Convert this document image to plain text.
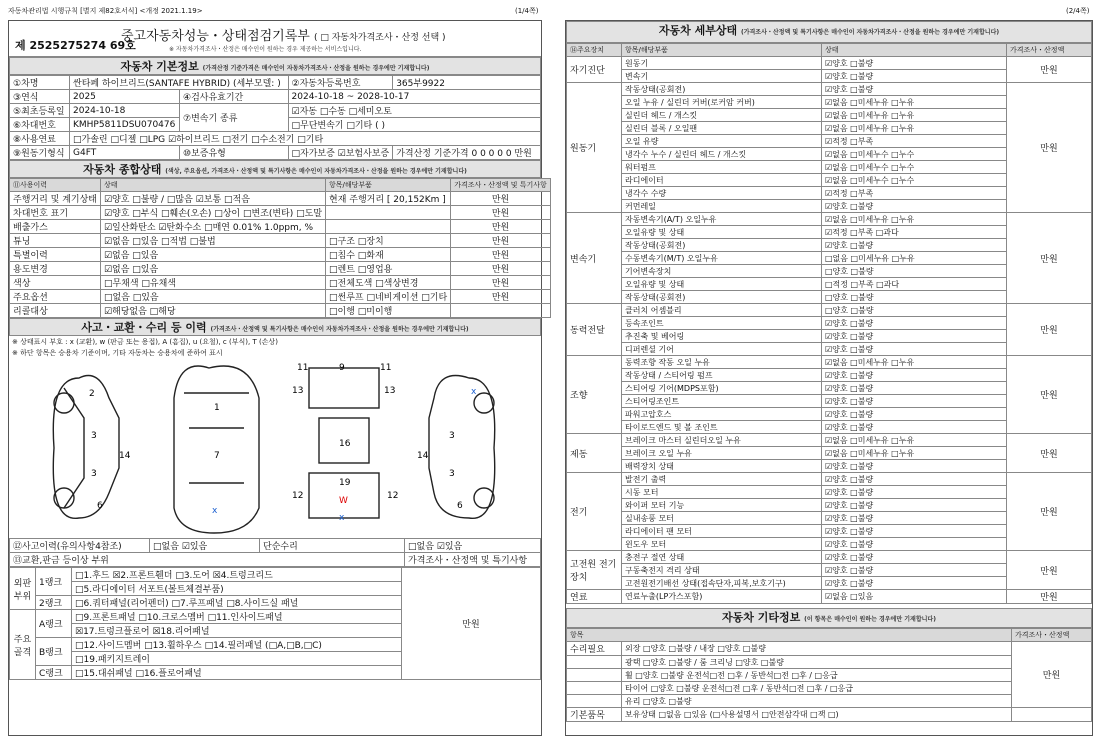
자동차관리법 시행규칙 [별지 제82호서식] <개정 2021.1.19>	(1/4쪽)	(2/4쪽)
제 2525275274 69호
중고자동차성능・상태점검기록부 ( □ 자동차가격조사・산정 선택 )
※ 자동차가격조사・산정은 매수인이 원하는 경우 제공하는 서비스입니다.
자동차 기본정보 (가격산정 기준가격은 매수인이 자동차가격조사・산정을 원하는 경우에만 기재합니다)
①차명	싼타페 하이브리드(SANTAFE HYBRID) (세부모델: )		②자동차등록번호	365부9922
③연식	2025	④검사유효기간	2024-10-18 ~ 2028-10-17	
⑤최초등록일	2024-10-18	⑦변속기 종류	☑자동 □수동 □세미오토	
⑥차대번호	KMHP5811DSU070476		□무단변속기 □기타 ( )	
⑧사용연료	□가솔린 □디젤 □LPG ☑하이브리드 □전기 □수소전기 □기타			
⑨원동기형식	G4FT	⑩보증유형	□자가보증 ☑보험사보증	가격산정 기준가격 0 0 0 0 0 만원
자동차 종합상태 (색상, 주요옵션, 가격조사・산정액 및 특기사항은 매수인이 자동차가격조사・산정을 원하는 경우에만 기재합니다)
⑪사용이력	상태	항목/해당부품	가격조사・산정액 및 특기사항
주행거리 및 계기상태	☑양호 □불량 / □많음 ☑보통 □적음	현재 주행거리 [ 20,152Km ]	만원
차대번호 표기	☑양호 □부식 □훼손(오손) □상이 □변조(변타) □도말		만원
배출가스	☑일산화탄소 ☑탄화수소 □매연 0.01% 1.0ppm, %		만원
튜닝	☑없음 □있음 □적법 □불법	□구조 □장치	만원
특별이력	☑없음 □있음	□침수 □화재	만원
용도변경	☑없음 □있음	□렌트 □영업용	만원
색상	□무채색 □유채색	□전체도색 □색상변경	만원
주요옵션	□없음 □있음	□썬루프 □네비게이션 □기타	만원
리콜대상	☑해당없음 □해당	□이행 □미이행	
사고・교환・수리 등 이력 (가격조사・산정액 및 특기사항은 매수인이 자동차가격조사・산정을 원하는 경우에만 기재합니다)
※ 상태표시 부호 : x (교환), w (판금 또는 용접), A (흠집), u (요철), c (부식), T (손상)
※ 하단 항목은 승용차 기준이며, 기타 자동차는 승용차에 준하여 표시
2
3
3
14
6
1
7
x
11	9	11
13	13
16
12	12
19
W
x
x
3
3
14
6
⑫사고이력(유의사항4참조)	□없음 ☑있음	단순수리	□없음 ☑있음
⑬교환,판금 등이상 부위			가격조사・산정액 및 특기사항
외판 부위	1랭크	□1.후드 ☒2.프론트휀더 □3.도어 ☒4.트렁크리드	만원
		□5.라디에이터 서포트(볼트체결부품)	
	2랭크	□6.쿼터패널(리어펜더) □7.루프패널 □8.사이드실 패널	
주요 골격	A랭크	□9.프론트패널 □10.크로스멤버 □11.인사이드패널	
		☒17.트렁크플로어 ☒18.리어패널	
	B랭크	□12.사이드멤버 □13.휠하우스 □14.필러패널 (□A,□B,□C)	
		□19.패키지트레이	
	C랭크	□15.대쉬패널 □16.플로어패널	
자동차 세부상태 (가격조사・산정액 및 특기사항은 매수인이 자동차가격조사・산정을 원하는 경우에만 기재합니다)
⑭주요장치	항목/해당부품	상태	가격조사・산정액
자기진단	원동기	☑양호 □불량	만원
	변속기	☑양호 □불량	
원동기	작동상태(공회전)	☑양호 □불량	만원
	오일 누유 / 실린더 커버(로커암 커버)	☑없음 □미세누유 □누유	
	실린더 헤드 / 개스킷	☑없음 □미세누유 □누유	
	실린더 블록 / 오일팬	☑없음 □미세누유 □누유	
	오일 유량	☑적정 □부족	
	냉각수 누수 / 실린더 헤드 / 개스킷	☑없음 □미세누수 □누수	
	워터펌프	☑없음 □미세누수 □누수	
	라디에이터	☑없음 □미세누수 □누수	
	냉각수 수량	☑적정 □부족	
	커먼레일	☑양호 □불량	
변속기	자동변속기(A/T) 오일누유	☑없음 □미세누유 □누유	만원
	오일유량 및 상태	☑적정 □부족 □과다	
	작동상태(공회전)	☑양호 □불량	
	수동변속기(M/T) 오일누유	□없음 □미세누유 □누유	
	기어변속장치	□양호 □불량	
	오일유량 및 상태	□적정 □부족 □과다	
	작동상태(공회전)	□양호 □불량	
동력전달	클러치 어셈블리	□양호 □불량	만원
	등속조인트	☑양호 □불량	
	추진축 및 베어링	☑양호 □불량	
	디퍼렌셜 기어	☑양호 □불량	
조향	동력조향 작동 오일 누유	☑없음 □미세누유 □누유	만원
	작동상태 / 스티어링 펌프	☑양호 □불량	
	스티어링 기어(MDPS포함)	☑양호 □불량	
	스티어링조인트	☑양호 □불량	
	파워고압호스	☑양호 □불량	
	타이로드엔드 및 볼 조인트	☑양호 □불량	
제동	브레이크 마스터 실린더오일 누유	☑없음 □미세누유 □누유	만원
	브레이크 오일 누유	☑없음 □미세누유 □누유	
	배력장치 상태	☑양호 □불량	
전기	발전기 출력	☑양호 □불량	만원
	시동 모터	☑양호 □불량	
	와이퍼 모터 기능	☑양호 □불량	
	실내송풍 모터	☑양호 □불량	
	라디에이터 팬 모터	☑양호 □불량	
	윈도우 모터	☑양호 □불량	
고전원 전기장치	충전구 절연 상태	☑양호 □불량	만원
	구동축전지 격리 상태	☑양호 □불량	
	고전원전기배선 상태(접속단자,피복,보호기구)	☑양호 □불량	
연료	연료누출(LP가스포함)	☑없음 □있음	만원
자동차 기타정보 (이 항목은 매수인이 원하는 경우에만 기재합니다)
항목		가격조사・산정액
수리필요	외장 □양호 □불량 / 내장 □양호 □불량	만원
	광택 □양호 □불량 / 룸 크리닝 □양호 □불량	
	휠 □양호 □불량 운전석□전 □후 / 동반석□전 □후 / □응급	
	타이어 □양호 □불량 운전석□전 □후 / 동반석□전 □후 / □응급	
	유리 □양호 □불량	
기본품목	보유상태 □없음 □있음 (□사용설명서 □안전삼각대 □잭 □)	
